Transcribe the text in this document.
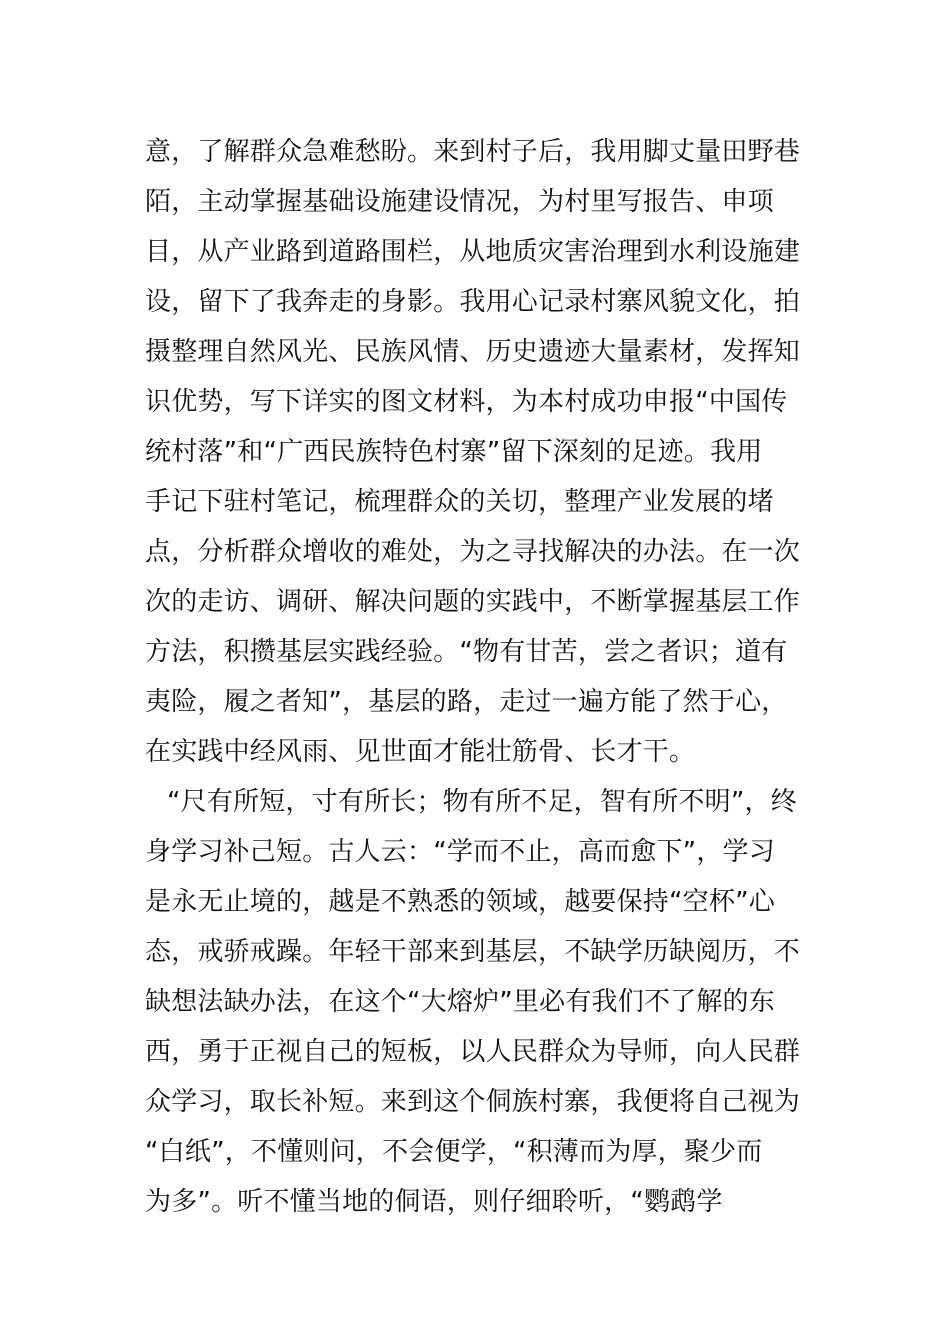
意，了解群众急难愁盼。来到村子后，我用脚丈量田野巷
陌，主动掌握基础设施建设情况，为村里写报告、申项
目，从产业路到道路围栏，从地质灾害治理到水利设施建
设，留下了我奔走的身影。我用心记录村寨风貌文化，拍
摄整理自然风光、民族风情、历史遗迹大量素材，发挥知
识优势，写下详实的图文材料，为本村成功申报“中国传
统村落”和“广西民族特色村寨”留下深刻的足迹。我用
手记下驻村笔记，梳理群众的关切，整理产业发展的堵
点，分析群众增收的难处，为之寻找解决的办法。在一次
次的走访、调研、解决问题的实践中，不断掌握基层工作
方法，积攒基层实践经验。“物有甘苦，尝之者识；道有
夷险，履之者知”，基层的路，走过一遍方能了然于心，
在实践中经风雨、见世面才能壮筋骨、长才干。
“尺有所短，寸有所长；物有所不足，智有所不明”，终
身学习补己短。古人云：“学而不止，高而愈下”，学习
是永无止境的，越是不熟悉的领域，越要保持“空杯”心
态，戒骄戒躁。年轻干部来到基层，不缺学历缺阅历，不
缺想法缺办法，在这个“大熔炉”里必有我们不了解的东
西，勇于正视自己的短板，以人民群众为导师，向人民群
众学习，取长补短。来到这个侗族村寨，我便将自己视为
“白纸”，不懂则问，不会便学，“积薄而为厚，聚少而
为多”。听不懂当地的侗语，则仔细聆听，“鹦鹉学
